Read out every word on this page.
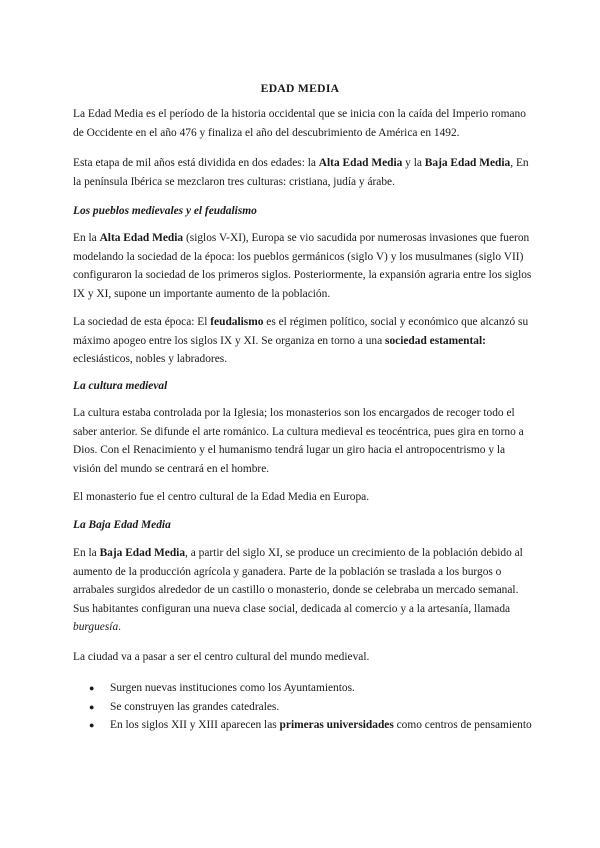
EDAD MEDIA

La Edad Media es el período de la historia occidental que se inicia con la caída del Imperio romano de Occidente en el año 476 y finaliza el año del descubrimiento de América en 1492.

Esta etapa de mil años está dividida en dos edades: la Alta Edad Media y la Baja Edad Media, En la península Ibérica se mezclaron tres culturas: cristiana, judía y árabe.

Los pueblos medievales y el feudalismo

En la Alta Edad Media (siglos V-XI), Europa se vio sacudida por numerosas invasiones que fueron modelando la sociedad de la época: los pueblos germánicos (siglo V) y los musulmanes (siglo VII) configuraron la sociedad de los primeros siglos. Posteriormente, la expansión agraria entre los siglos IX y XI, supone un importante aumento de la población.

La sociedad de esta época: El feudalismo es el régimen político, social y económico que alcanzó su máximo apogeo entre los siglos IX y XI. Se organiza en torno a una sociedad estamental: eclesiásticos, nobles y labradores.

La cultura medieval

La cultura estaba controlada por la Iglesia; los monasterios son los encargados de recoger todo el saber anterior. Se difunde el arte románico. La cultura medieval es teocéntrica, pues gira en torno a Dios. Con el Renacimiento y el humanismo tendrá lugar un giro hacia el antropocentrismo y la visión del mundo se centrará en el hombre.

El monasterio fue el centro cultural de la Edad Media en Europa.

La Baja Edad Media

En la Baja Edad Media, a partir del siglo XI, se produce un crecimiento de la población debido al aumento de la producción agrícola y ganadera. Parte de la población se traslada a los burgos o arrabales surgidos alrededor de un castillo o monasterio, donde se celebraba un mercado semanal. Sus habitantes configuran una nueva clase social, dedicada al comercio y a la artesanía, llamada burguesía.

La ciudad va a pasar a ser el centro cultural del mundo medieval.

● Surgen nuevas instituciones como los Ayuntamientos.
● Se construyen las grandes catedrales.
● En los siglos XII y XIII aparecen las primeras universidades como centros de pensamiento
